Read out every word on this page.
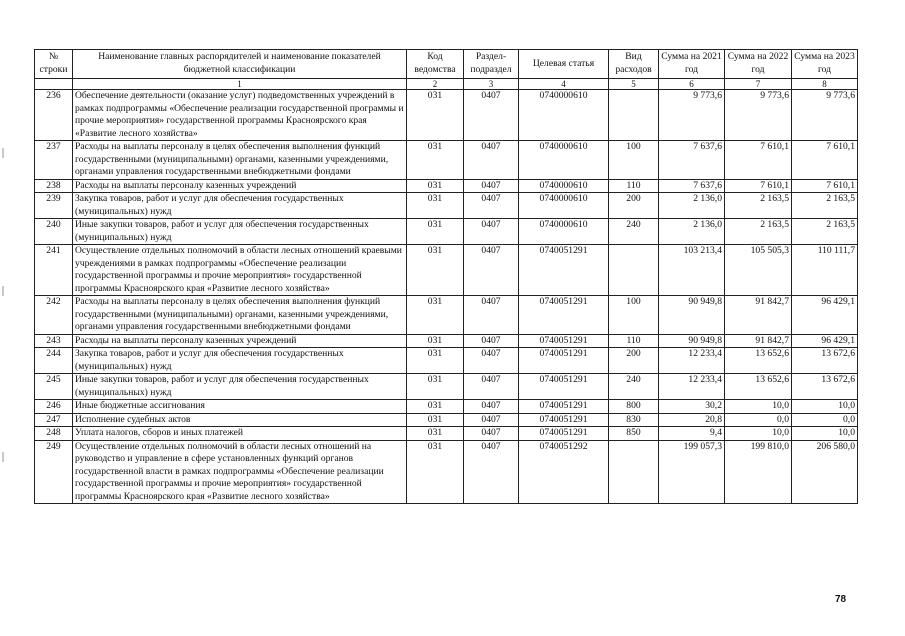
№ строки	Наименование главных распорядителей и наименование показателей бюджетной классификации	Код ведомства	Раздел-подраздел	Целевая статья	Вид расходов	Сумма на 2021 год	Сумма на 2022 год	Сумма на 2023 год
	1	2	3	4	5	6	7	8
236	Обеспечение деятельности (оказание услуг) подведомственных учреждений в рамках подпрограммы «Обеспечение реализации государственной программы и прочие мероприятия» государственной программы Красноярского края «Развитие лесного хозяйства»	031	0407	0740000610		9 773,6	9 773,6	9 773,6
237	Расходы на выплаты персоналу в целях обеспечения выполнения функций государственными (муниципальными) органами, казенными учреждениями, органами управления государственными внебюджетными фондами	031	0407	0740000610	100	7 637,6	7 610,1	7 610,1
238	Расходы на выплаты персоналу казенных учреждений	031	0407	0740000610	110	7 637,6	7 610,1	7 610,1
239	Закупка товаров, работ и услуг для обеспечения государственных (муниципальных) нужд	031	0407	0740000610	200	2 136,0	2 163,5	2 163,5
240	Иные закупки товаров, работ и услуг для обеспечения государственных (муниципальных) нужд	031	0407	0740000610	240	2 136,0	2 163,5	2 163,5
241	Осуществление отдельных полномочий в области лесных отношений краевыми учреждениями в рамках подпрограммы «Обеспечение реализации государственной программы и прочие мероприятия» государственной программы Красноярского края «Развитие лесного хозяйства»	031	0407	0740051291		103 213,4	105 505,3	110 111,7
242	Расходы на выплаты персоналу в целях обеспечения выполнения функций государственными (муниципальными) органами, казенными учреждениями, органами управления государственными внебюджетными фондами	031	0407	0740051291	100	90 949,8	91 842,7	96 429,1
243	Расходы на выплаты персоналу казенных учреждений	031	0407	0740051291	110	90 949,8	91 842,7	96 429,1
244	Закупка товаров, работ и услуг для обеспечения государственных (муниципальных) нужд	031	0407	0740051291	200	12 233,4	13 652,6	13 672,6
245	Иные закупки товаров, работ и услуг для обеспечения государственных (муниципальных) нужд	031	0407	0740051291	240	12 233,4	13 652,6	13 672,6
246	Иные бюджетные ассигнования	031	0407	0740051291	800	30,2	10,0	10,0
247	Исполнение судебных актов	031	0407	0740051291	830	20,8	0,0	0,0
248	Уплата налогов, сборов и иных платежей	031	0407	0740051291	850	9,4	10,0	10,0
249	Осуществление отдельных полномочий в области лесных отношений на руководство и управление в сфере установленных функций органов государственной власти в рамках подпрограммы «Обеспечение реализации государственной программы и прочие мероприятия» государственной программы Красноярского края «Развитие лесного хозяйства»	031	0407	0740051292		199 057,3	199 810,0	206 580,0
78
